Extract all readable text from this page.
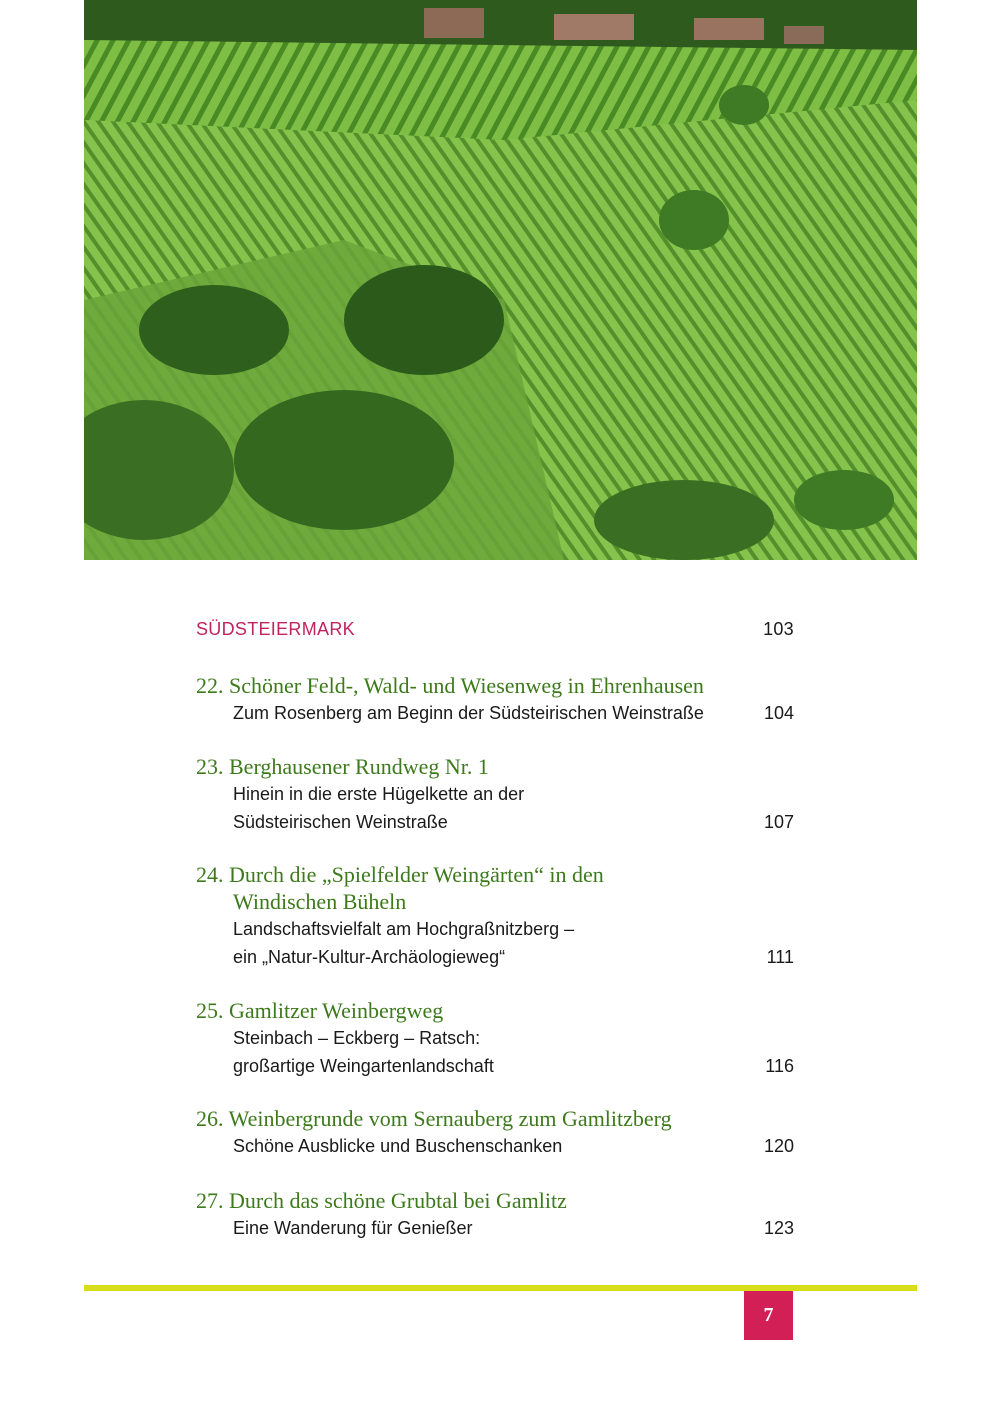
SÜDSTEIERMARK	103
22. Schöner Feld-, Wald- und Wiesenweg in Ehrenhausen
Zum Rosenberg am Beginn der Südsteirischen Weinstraße	104
23. Berghausener Rundweg Nr. 1
Hinein in die erste Hügelkette an der
Südsteirischen Weinstraße	107
24. Durch die „Spielfelder Weingärten“ in den
Windischen Büheln
Landschaftsvielfalt am Hochgraßnitzberg –
ein „Natur-Kultur-Archäologieweg“	111
25. Gamlitzer Weinbergweg
Steinbach – Eckberg – Ratsch:
großartige Weingartenlandschaft	116
26. Weinbergrunde vom Sernauberg zum Gamlitzberg
Schöne Ausblicke und Buschenschanken	120
27. Durch das schöne Grubtal bei Gamlitz
Eine Wanderung für Genießer	123
7
